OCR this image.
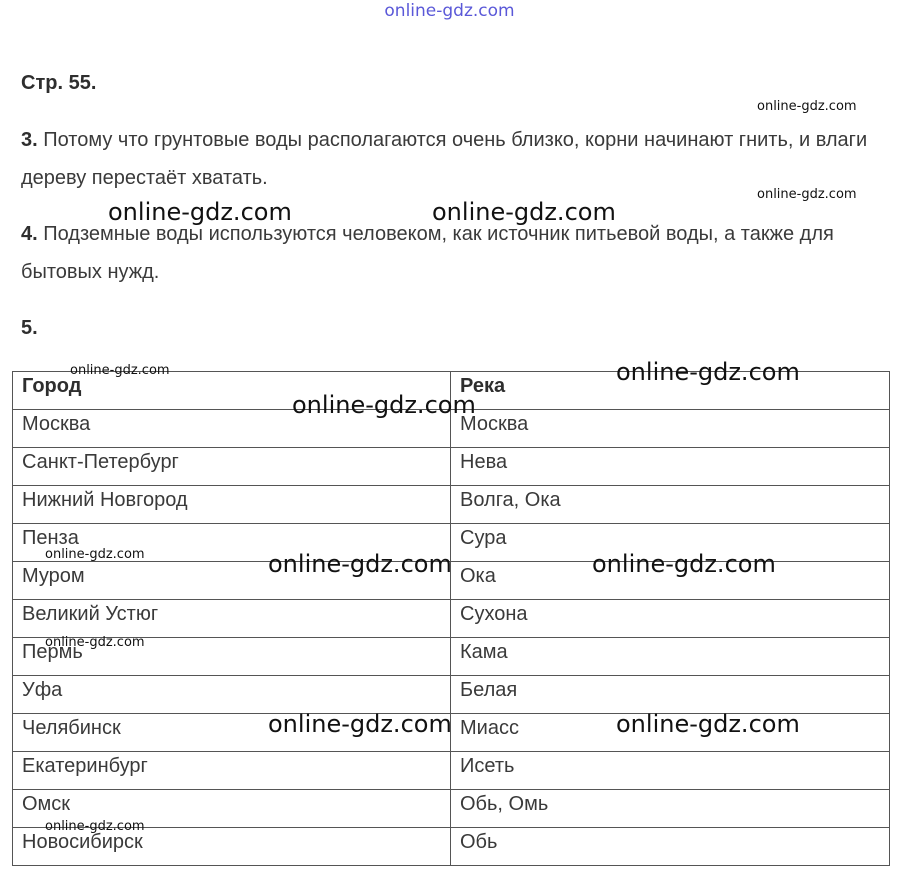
online-gdz.com
Стр. 55.
3. Потому что грунтовые воды располагаются очень близко, корни начинают гнить, и влаги дереву перестаёт хватать.
4. Подземные воды используются человеком, как источник питьевой воды, а также для бытовых нужд.
5.
Город	Река
Москва	Москва
Санкт-Петербург	Нева
Нижний Новгород	Волга, Ока
Пенза	Сура
Муром	Ока
Великий Устюг	Сухона
Пермь	Кама
Уфа	Белая
Челябинск	Миасс
Екатеринбург	Исеть
Омск	Обь, Омь
Новосибирск	Обь
online-gdz.com
online-gdz.com
online-gdz.com	online-gdz.com
online-gdz.com	online-gdz.com
online-gdz.com
online-gdz.com	online-gdz.com	online-gdz.com
online-gdz.com
online-gdz.com	online-gdz.com
online-gdz.com
